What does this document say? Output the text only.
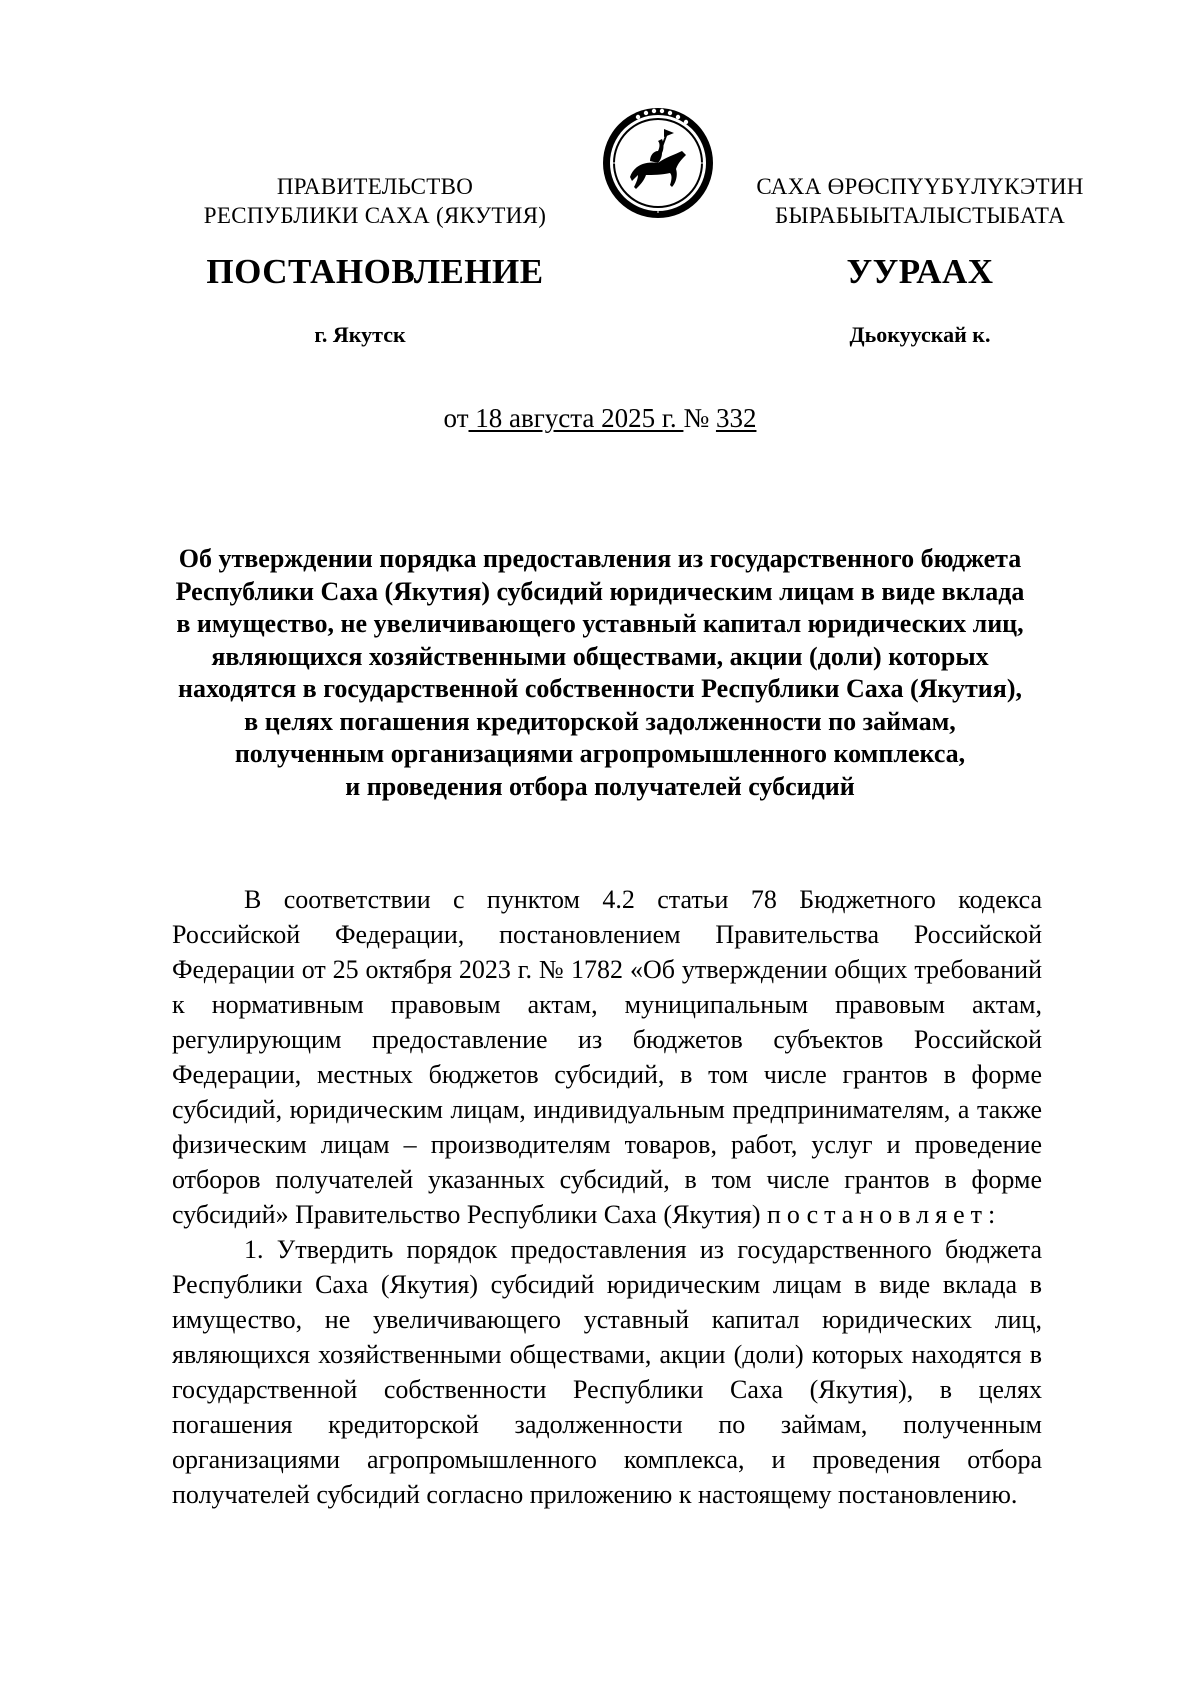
ПРАВИТЕЛЬСТВО
РЕСПУБЛИКИ САХА (ЯКУТИЯ)
САХА ӨРӨСПҮҮБҮЛҮКЭТИН
БЫРАБЫЫТАЛЫСТЫБАТА
ПОСТАНОВЛЕНИЕ	УУРААХ
г. Якутск	Дьокуускай к.
от 18 августа 2025 г. № 332
Об утверждении порядка предоставления из государственного бюджета
Республики Саха (Якутия) субсидий юридическим лицам в виде вклада
в имущество, не увеличивающего уставный капитал юридических лиц,
являющихся хозяйственными обществами, акции (доли) которых
находятся в государственной собственности Республики Саха (Якутия),
в целях погашения кредиторской задолженности по займам,
полученным организациями агропромышленного комплекса,
и проведения отбора получателей субсидий

В соответствии с пунктом 4.2 статьи 78 Бюджетного кодекса Российской Федерации, постановлением Правительства Российской Федерации от 25 октября 2023 г. № 1782 «Об утверждении общих требований к нормативным правовым актам, муниципальным правовым актам, регулирующим предоставление из бюджетов субъектов Российской Федерации, местных бюджетов субсидий, в том числе грантов в форме субсидий, юридическим лицам, индивидуальным предпринимателям, а также физическим лицам – производителям товаров, работ, услуг и проведение отборов получателей указанных субсидий, в том числе грантов в форме субсидий» Правительство Республики Саха (Якутия) постановляет:

1. Утвердить порядок предоставления из государственного бюджета Республики Саха (Якутия) субсидий юридическим лицам в виде вклада в имущество, не увеличивающего уставный капитал юридических лиц, являющихся хозяйственными обществами, акции (доли) которых находятся в государственной собственности Республики Саха (Якутия), в целях погашения кредиторской задолженности по займам, полученным организациями агропромышленного комплекса, и проведения отбора получателей субсидий согласно приложению к настоящему постановлению.
